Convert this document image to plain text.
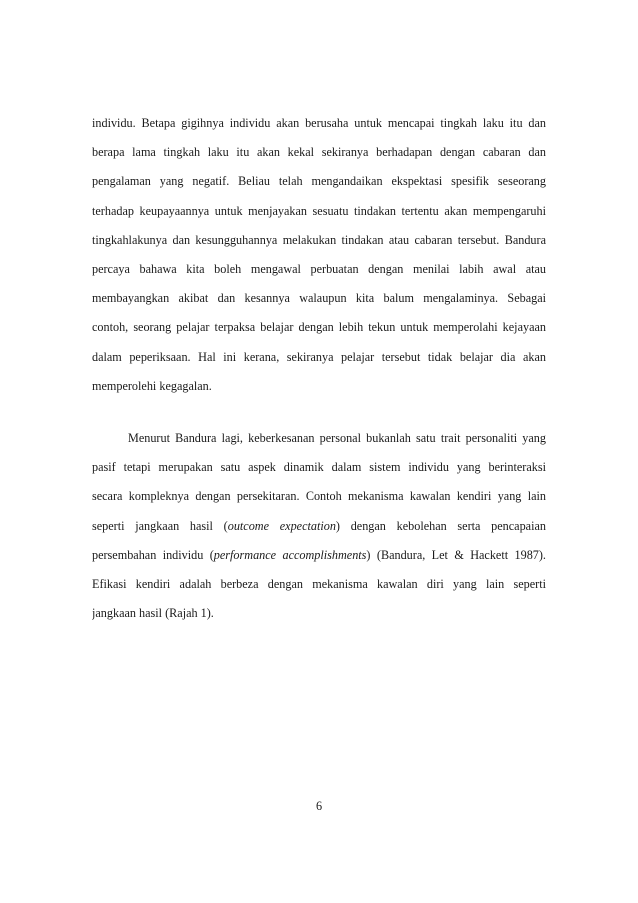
individu. Betapa gigihnya individu akan berusaha untuk mencapai tingkah laku itu dan
berapa lama tingkah laku itu akan kekal sekiranya berhadapan dengan cabaran dan
pengalaman yang negatif. Beliau telah mengandaikan ekspektasi spesifik seseorang
terhadap keupayaannya untuk menjayakan sesuatu tindakan tertentu akan mempengaruhi
tingkahlakunya dan kesungguhannya melakukan tindakan atau cabaran tersebut. Bandura
percaya bahawa kita boleh mengawal perbuatan dengan menilai labih awal atau
membayangkan akibat dan kesannya walaupun kita balum mengalaminya. Sebagai
contoh, seorang pelajar terpaksa belajar dengan lebih tekun untuk memperolahi kejayaan
dalam peperiksaan. Hal ini kerana, sekiranya pelajar tersebut tidak belajar dia akan
memperolehi kegagalan.
Menurut Bandura lagi, keberkesanan personal bukanlah satu trait personaliti yang
pasif tetapi merupakan satu aspek dinamik dalam sistem individu yang berinteraksi
secara kompleknya dengan persekitaran. Contoh mekanisma kawalan kendiri yang lain
seperti jangkaan hasil (outcome expectation) dengan kebolehan serta pencapaian
persembahan individu (performance accomplishments) (Bandura, Let & Hackett 1987).
Efikasi kendiri adalah berbeza dengan mekanisma kawalan diri yang lain seperti
jangkaan hasil (Rajah 1).
6
